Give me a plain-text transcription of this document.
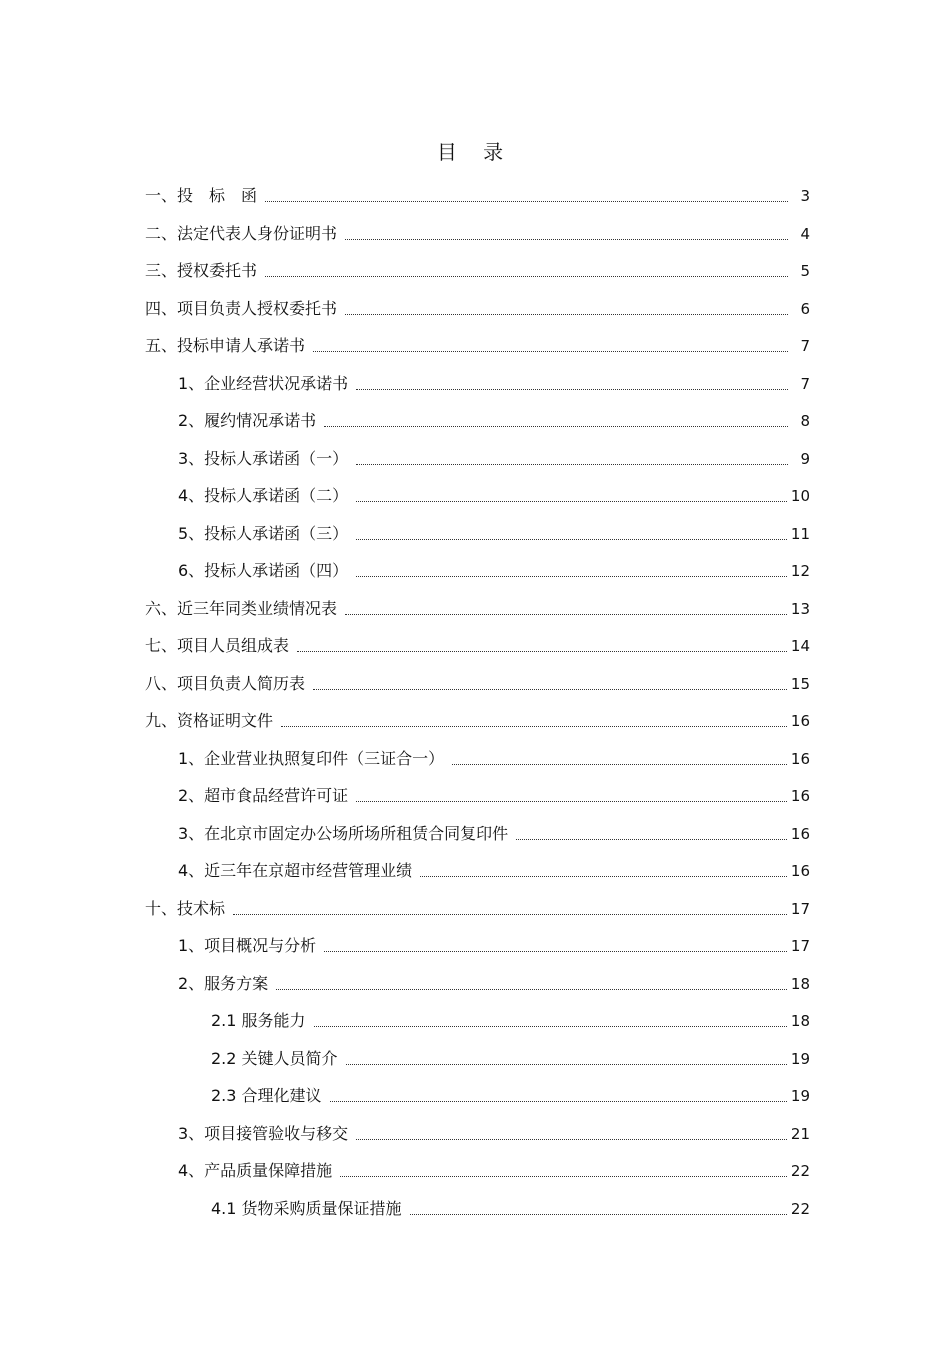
目 录
一、投　标　函	3
二、法定代表人身份证明书	4
三、授权委托书	5
四、项目负责人授权委托书	6
五、投标申请人承诺书	7
1、企业经营状况承诺书	7
2、履约情况承诺书	8
3、投标人承诺函（一）	9
4、投标人承诺函（二）	10
5、投标人承诺函（三）	11
6、投标人承诺函（四）	12
六、近三年同类业绩情况表	13
七、项目人员组成表	14
八、项目负责人简历表	15
九、资格证明文件	16
1、企业营业执照复印件（三证合一）	16
2、超市食品经营许可证	16
3、在北京市固定办公场所场所租赁合同复印件	16
4、近三年在京超市经营管理业绩	16
十、技术标	17
1、项目概况与分析	17
2、服务方案	18
2.1 服务能力	18
2.2 关键人员简介	19
2.3 合理化建议	19
3、项目接管验收与移交	21
4、产品质量保障措施	22
4.1 货物采购质量保证措施	22
